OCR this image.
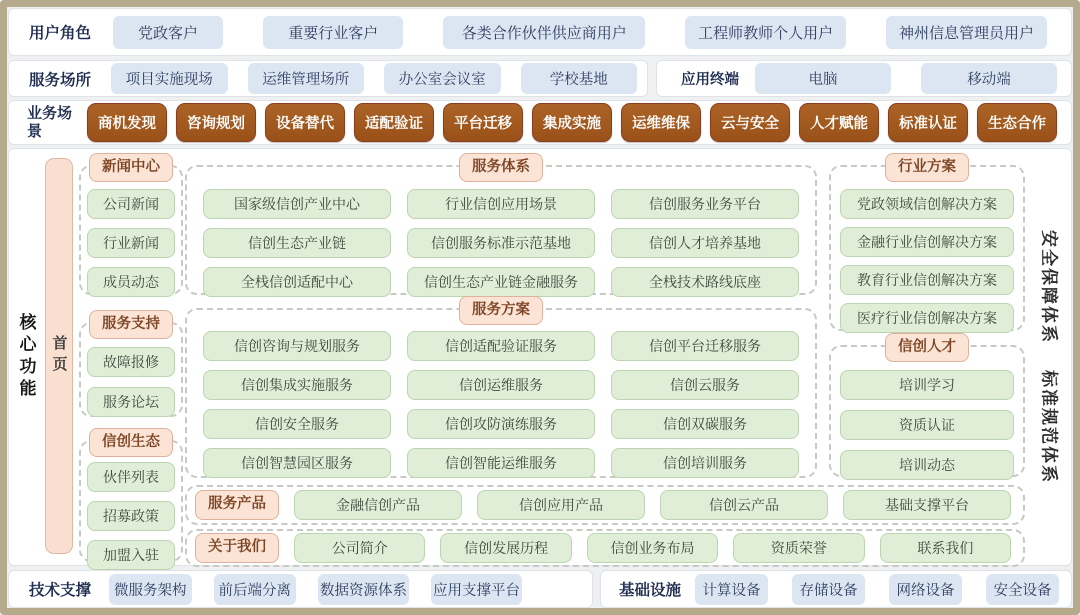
用户角色	党政客户	重要行业客户	各类合作伙伴供应商用户	工程师教师个人用户	神州信息管理员用户
服务场所	项目实施现场	运维管理场所	办公室会议室	学校基地	应用终端	电脑	移动端
业务场景	商机发现	咨询规划	设备替代	适配验证	平台迁移	集成实施	运维维保	云与安全	人才赋能	标准认证	生态合作
核心功能	首页
新闻中心
公司新闻
行业新闻
成员动态
服务支持
故障报修
服务论坛
信创生态
伙伴列表
招募政策
加盟入驻
服务体系
国家级信创产业中心	行业信创应用场景	信创服务业务平台
信创生态产业链	信创服务标准示范基地	信创人才培养基地
全栈信创适配中心	信创生态产业链金融服务	全栈技术路线底座
服务方案
信创咨询与规划服务	信创适配验证服务	信创平台迁移服务
信创集成实施服务	信创运维服务	信创云服务
信创安全服务	信创攻防演练服务	信创双碳服务
信创智慧园区服务	信创智能运维服务	信创培训服务
行业方案
党政领域信创解决方案
金融行业信创解决方案
教育行业信创解决方案
医疗行业信创解决方案
信创人才
培训学习
资质认证
培训动态
服务产品	金融信创产品	信创应用产品	信创云产品	基础支撑平台
关于我们	公司简介	信创发展历程	信创业务布局	资质荣誉	联系我们
安全保障体系
标准规范体系
技术支撑	微服务架构	前后端分离	数据资源体系 应用支撑平台	基础设施	计算设备	存储设备	网络设备	安全设备
